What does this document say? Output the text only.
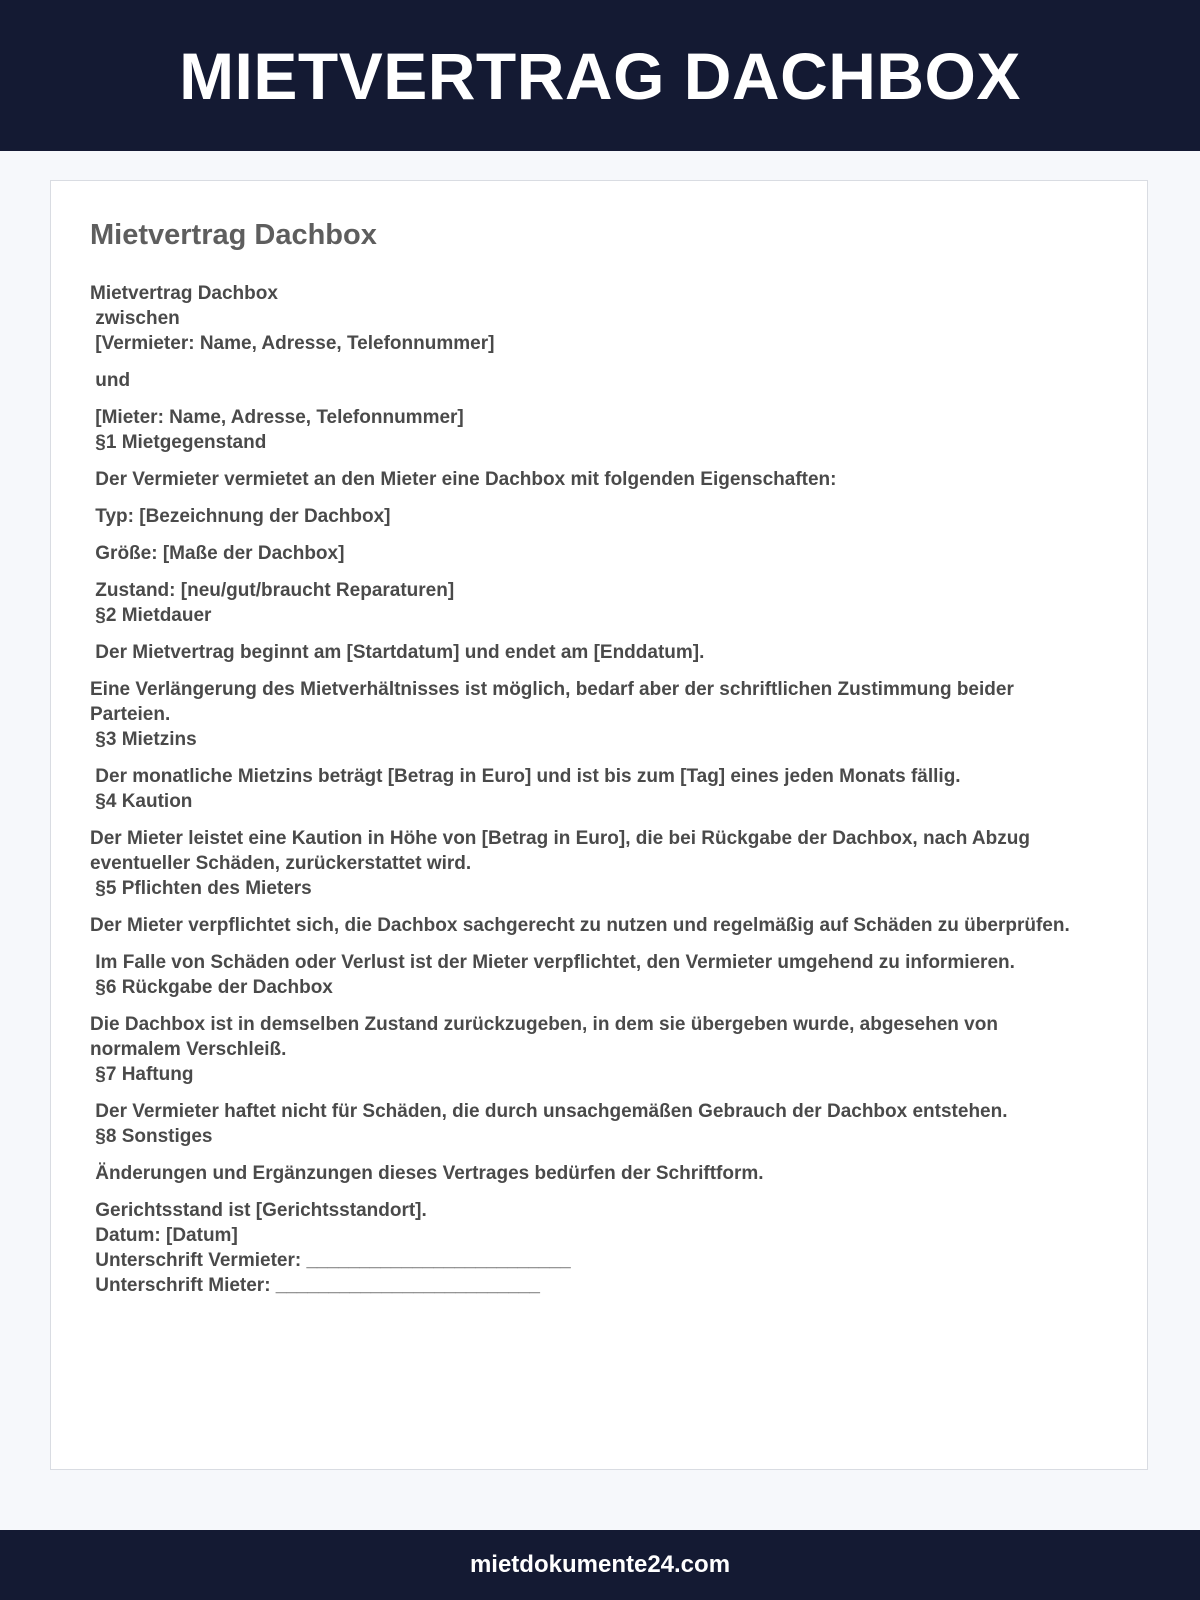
MIETVERTRAG DACHBOX
Mietvertrag Dachbox
Mietvertrag Dachbox
zwischen
[Vermieter: Name, Adresse, Telefonnummer]
und
[Mieter: Name, Adresse, Telefonnummer]
§1 Mietgegenstand
Der Vermieter vermietet an den Mieter eine Dachbox mit folgenden Eigenschaften:
Typ: [Bezeichnung der Dachbox]
Größe: [Maße der Dachbox]
Zustand: [neu/gut/braucht Reparaturen]
§2 Mietdauer
Der Mietvertrag beginnt am [Startdatum] und endet am [Enddatum].
Eine Verlängerung des Mietverhältnisses ist möglich, bedarf aber der schriftlichen Zustimmung beider Parteien.
§3 Mietzins
Der monatliche Mietzins beträgt [Betrag in Euro] und ist bis zum [Tag] eines jeden Monats fällig.
§4 Kaution
Der Mieter leistet eine Kaution in Höhe von [Betrag in Euro], die bei Rückgabe der Dachbox, nach Abzug eventueller Schäden, zurückerstattet wird.
§5 Pflichten des Mieters
Der Mieter verpflichtet sich, die Dachbox sachgerecht zu nutzen und regelmäßig auf Schäden zu überprüfen.
Im Falle von Schäden oder Verlust ist der Mieter verpflichtet, den Vermieter umgehend zu informieren.
§6 Rückgabe der Dachbox
Die Dachbox ist in demselben Zustand zurückzugeben, in dem sie übergeben wurde, abgesehen von normalem Verschleiß.
§7 Haftung
Der Vermieter haftet nicht für Schäden, die durch unsachgemäßen Gebrauch der Dachbox entstehen.
§8 Sonstiges
Änderungen und Ergänzungen dieses Vertrages bedürfen der Schriftform.
Gerichtsstand ist [Gerichtsstandort].
Datum: [Datum]
Unterschrift Vermieter: _________________________
Unterschrift Mieter: _________________________
mietdokumente24.com
